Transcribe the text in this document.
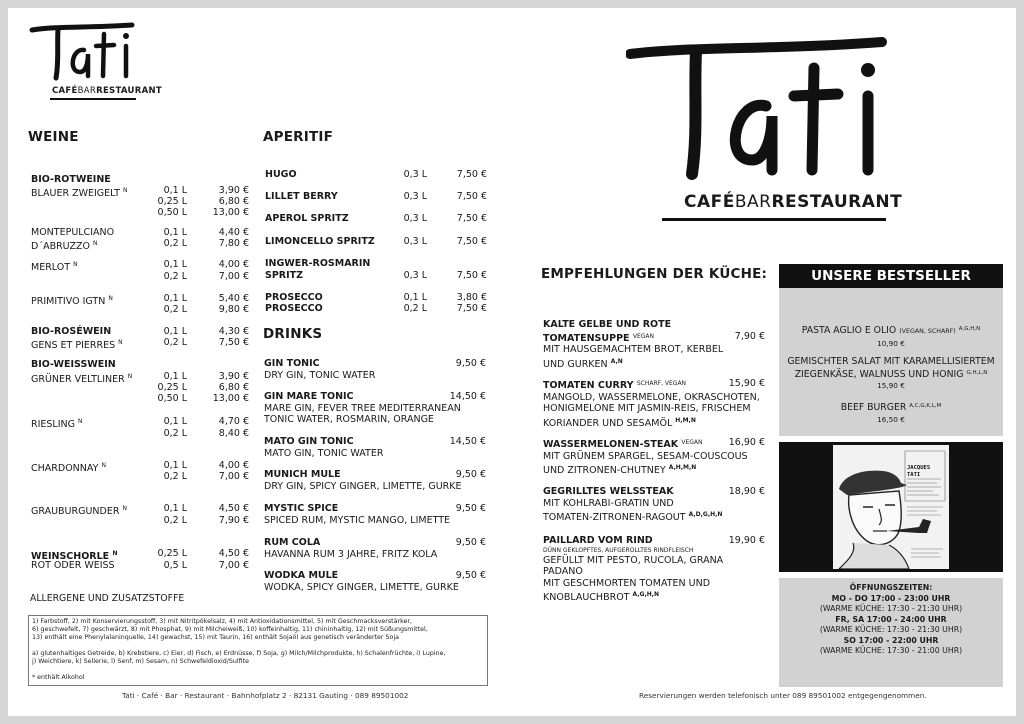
CAFÉBARRESTAURANT
CAFÉBARRESTAURANT
WEINE
BIO-ROTWEINE
BLAUER ZWEIGELT $^N$	0,1 L	3,90 €
0,25 L	6,80 €
0,50 L	13,00 €
MONTEPULCIANO	0,1 L	4,40 €
D´ABRUZZO $^N$	0,2 L	7,80 €
MERLOT $^N$	0,1 L	4,00 €
0,2 L	7,00 €
PRIMITIVO IGTN $^N$	0,1 L	5,40 €
0,2 L	9,80 €
BIO-ROSÉWEIN	0,1 L	4,30 €
GENS ET PIERRES $^N$	0,2 L	7,50 €
BIO-WEISSWEIN
GRÜNER VELTLINER $^N$	0,1 L	3,90 €
0,25 L	6,80 €
0,50 L	13,00 €
RIESLING $^N$	0,1 L	4,70 €
0,2 L	8,40 €
CHARDONNAY $^N$	0,1 L	4,00 €
0,2 L	7,00 €
GRAUBURGUNDER $^N$	0,1 L	4,50 €
0,2 L	7,90 €
WEINSCHORLE $^N$	0,25 L	4,50 €
ROT ODER WEISS	0,5 L	7,00 €
APERITIF
HUGO	0,3 L	7,50 €
LILLET BERRY	0,3 L	7,50 €
APEROL SPRITZ	0,3 L	7,50 €
LIMONCELLO SPRITZ	0,3 L	7,50 €
INGWER-ROSMARIN
SPRITZ	0,3 L	7,50 €
PROSECCO	0,1 L	3,80 €
PROSECCO	0,2 L	7,50 €
DRINKS
GIN TONIC	9,50 €
DRY GIN, TONIC WATER
GIN MARE TONIC	14,50 €
MARE GIN, FEVER TREE MEDITERRANEAN
TONIC WATER, ROSMARIN, ORANGE
MATO GIN TONIC	14,50 €
MATO GIN, TONIC WATER
MUNICH MULE	9,50 €
DRY GIN, SPICY GINGER, LIMETTE, GURKE
MYSTIC SPICE	9,50 €
SPICED RUM, MYSTIC MANGO, LIMETTE
RUM COLA	9,50 €
HAVANNA RUM 3 JAHRE, FRITZ KOLA
WODKA MULE	9,50 €
WODKA, SPICY GINGER, LIMETTE, GURKE
ALLERGENE UND ZUSATZSTOFFE
1) Farbstoff, 2) mit Konservierungsstoff, 3) mit Nitritpökelsalz, 4) mit Antioxidationsmittel, 5) mit Geschmacksverstärker,
6) geschwefelt, 7) geschwärzt, 8) mit Phosphat, 9) mit Milcheiweiß, 10) koffeinhaltig, 11) chininhaltig, 12) mit Süßungsmittel,
13) enthält eine Phenylalaninquelle, 14) gewachst, 15) mit Taurin, 16) enthält Sojaöl aus genetisch veränderter Soja
a) glutenhaltiges Getreide, b) Krebstiere, c) Eier, d) Fisch, e) Erdnüsse, f) Soja, g) Milch/Milchprodukte, h) Schalenfrüchte, i) Lupine,
j) Weichtiere, k) Sellerie, l) Senf, m) Sesam, n) Schwefeldioxid/Sulfite
* enthält Alkohol
Tati · Café · Bar · Restaurant · Bahnhofplatz 2 · 82131 Gauting · 089 89501002	Reservierungen werden telefonisch unter 089 89501002 entgegengenommen.
EMPFEHLUNGEN DER KÜCHE:
KALTE GELBE UND ROTE
TOMATENSUPPE $^{VEGAN}$	7,90 €
MIT HAUSGEMACHTEM BROT, KERBEL
UND GURKEN $^{A,N}$
TOMATEN CURRY $^{SCHARF, VEGAN}$	15,90 €
MANGOLD, WASSERMELONE, OKRASCHOTEN,
HONIGMELONE MIT JASMIN-REIS, FRISCHEM
KORIANDER UND SESAMÖL $^{H,M,N}$
WASSERMELONEN-STEAK $^{VEGAN}$	16,90 €
MIT GRÜNEM SPARGEL, SESAM-COUSCOUS
UND ZITRONEN-CHUTNEY $^{A,H,M,N}$
GEGRILLTES WELSSTEAK	18,90 €
MIT KOHLRABI-GRATIN UND
TOMATEN-ZITRONEN-RAGOUT $^{A,D,G,H,N}$
PAILLARD VOM RIND	19,90 €
DÜNN GEKLOPFTES, AUFGEROLLTES RINDFLEISCH
GEFÜLLT MIT PESTO, RUCOLA, GRANA PADANO
MIT GESCHMORTEN TOMATEN UND
KNOBLAUCHBROT $^{A,G,H,N}$
UNSERE BESTSELLER
PASTA AGLIO E OLIO (VEGAN, SCHARF) $^{A,G,H,N}$
10,90 €
GEMISCHTER SALAT MIT KARAMELLISIERTEM
ZIEGENKÄSE, WALNUSS UND HONIG $^{G,H,L,N}$
15,90 €
BEEF BURGER $^{A,C,G,K,L,M}$
16,50 €
JACQUES TATI
ÖFFNUNGSZEITEN:
MO - DO 17:00 - 23:00 UHR
(WARME KÜCHE: 17:30 - 21:30 UHR)
FR, SA 17:00 - 24:00 UHR
(WARME KÜCHE: 17:30 - 21:30 UHR)
SO 17:00 - 22:00 UHR
(WARME KÜCHE: 17:30 - 21:00 UHR)
